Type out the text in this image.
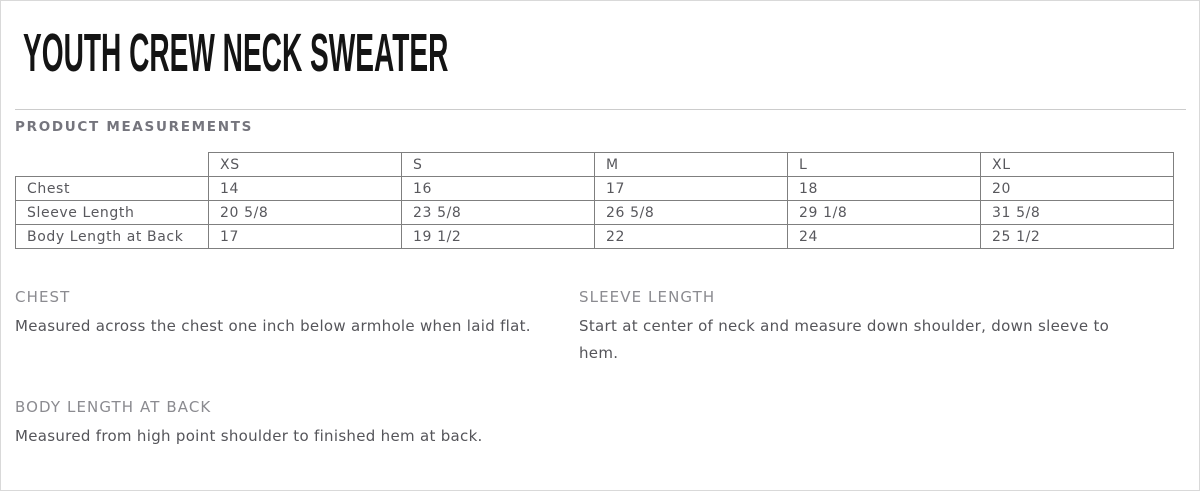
YOUTH CREW NECK SWEATER
PRODUCT MEASUREMENTS
	XS	S	M	L	XL
Chest	14	16	17	18	20
Sleeve Length	20 5/8	23 5/8	26 5/8	29 1/8	31 5/8
Body Length at Back	17	19 1/2	22	24	25 1/2
CHEST
Measured across the chest one inch below armhole when laid flat.
SLEEVE LENGTH
Start at center of neck and measure down shoulder, down sleeve to hem.
BODY LENGTH AT BACK
Measured from high point shoulder to finished hem at back.
